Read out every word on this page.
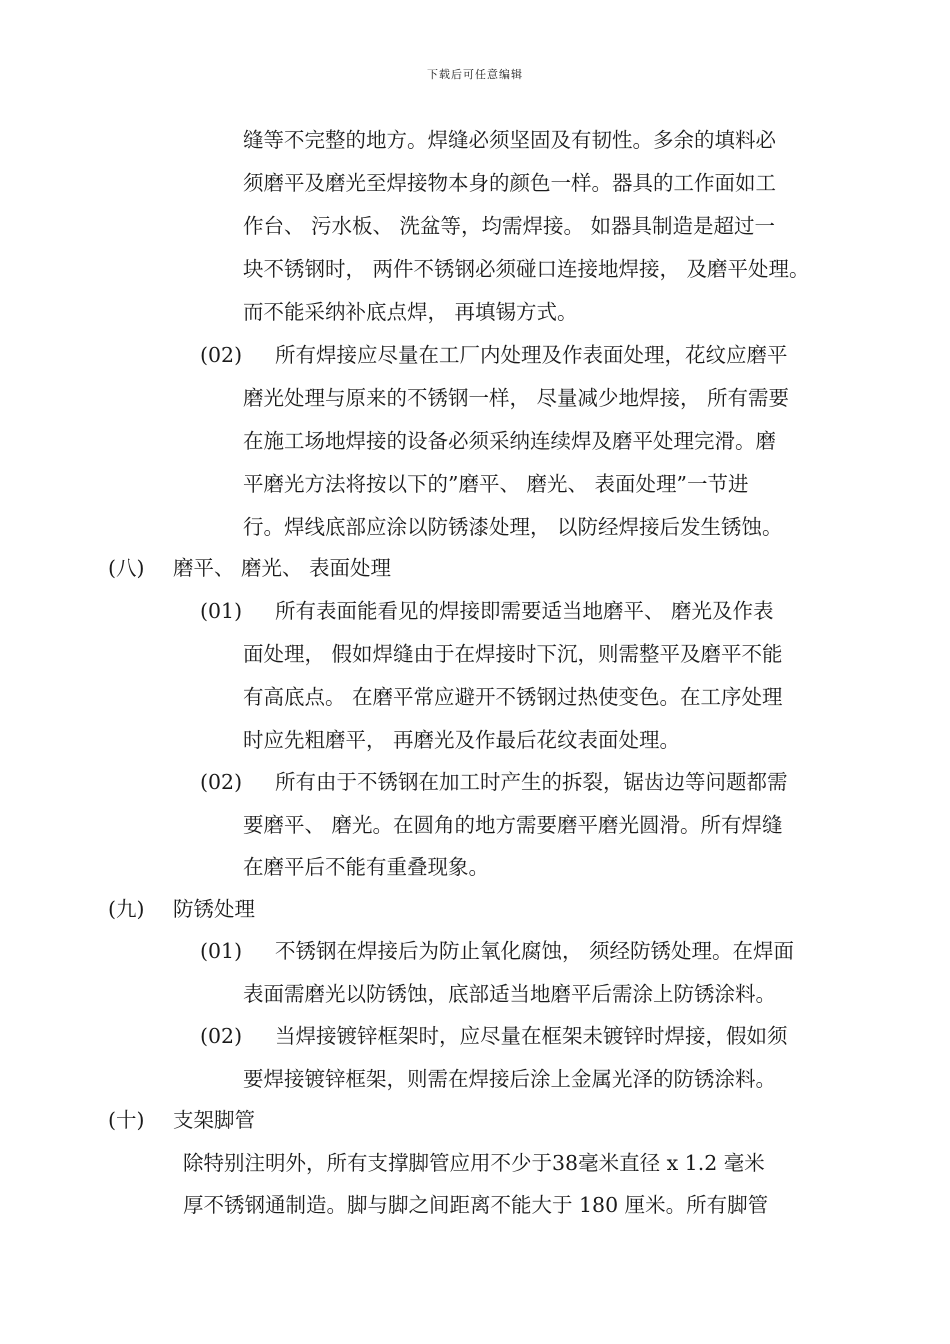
下载后可任意编辑
缝等不完整的地方。焊缝必须坚固及有韧性。多余的填料必
须磨平及磨光至焊接物本身的颜色一样。器具的工作面如工
作台、 污水板、 洗盆等，均需焊接。 如器具制造是超过一
块不锈钢时， 两件不锈钢必须碰口连接地焊接， 及磨平处理。
而不能采纳补底点焊， 再填锡方式。
(02) 所有焊接应尽量在工厂内处理及作表面处理，花纹应磨平
磨光处理与原来的不锈钢一样， 尽量减少地焊接， 所有需要
在施工场地焊接的设备必须采纳连续焊及磨平处理完滑。磨
平磨光方法将按以下的”磨平、 磨光、 表面处理”一节进
行。焊线底部应涂以防锈漆处理， 以防经焊接后发生锈蚀。
(八) 磨平、 磨光、 表面处理
(01) 所有表面能看见的焊接即需要适当地磨平、 磨光及作表
面处理， 假如焊缝由于在焊接时下沉，则需整平及磨平不能
有高底点。 在磨平常应避开不锈钢过热使变色。在工序处理
时应先粗磨平， 再磨光及作最后花纹表面处理。
(02) 所有由于不锈钢在加工时产生的拆裂，锯齿边等问题都需
要磨平、 磨光。在圆角的地方需要磨平磨光圆滑。所有焊缝
在磨平后不能有重叠现象。
(九) 防锈处理
(01) 不锈钢在焊接后为防止氧化腐蚀， 须经防锈处理。在焊面
表面需磨光以防锈蚀，底部适当地磨平后需涂上防锈涂料。
(02) 当焊接镀锌框架时，应尽量在框架未镀锌时焊接，假如须
要焊接镀锌框架，则需在焊接后涂上金属光泽的防锈涂料。
(十) 支架脚管
除特别注明外，所有支撑脚管应用不少于38毫米直径 x 1.2 毫米
厚不锈钢通制造。脚与脚之间距离不能大于 180 厘米。所有脚管
